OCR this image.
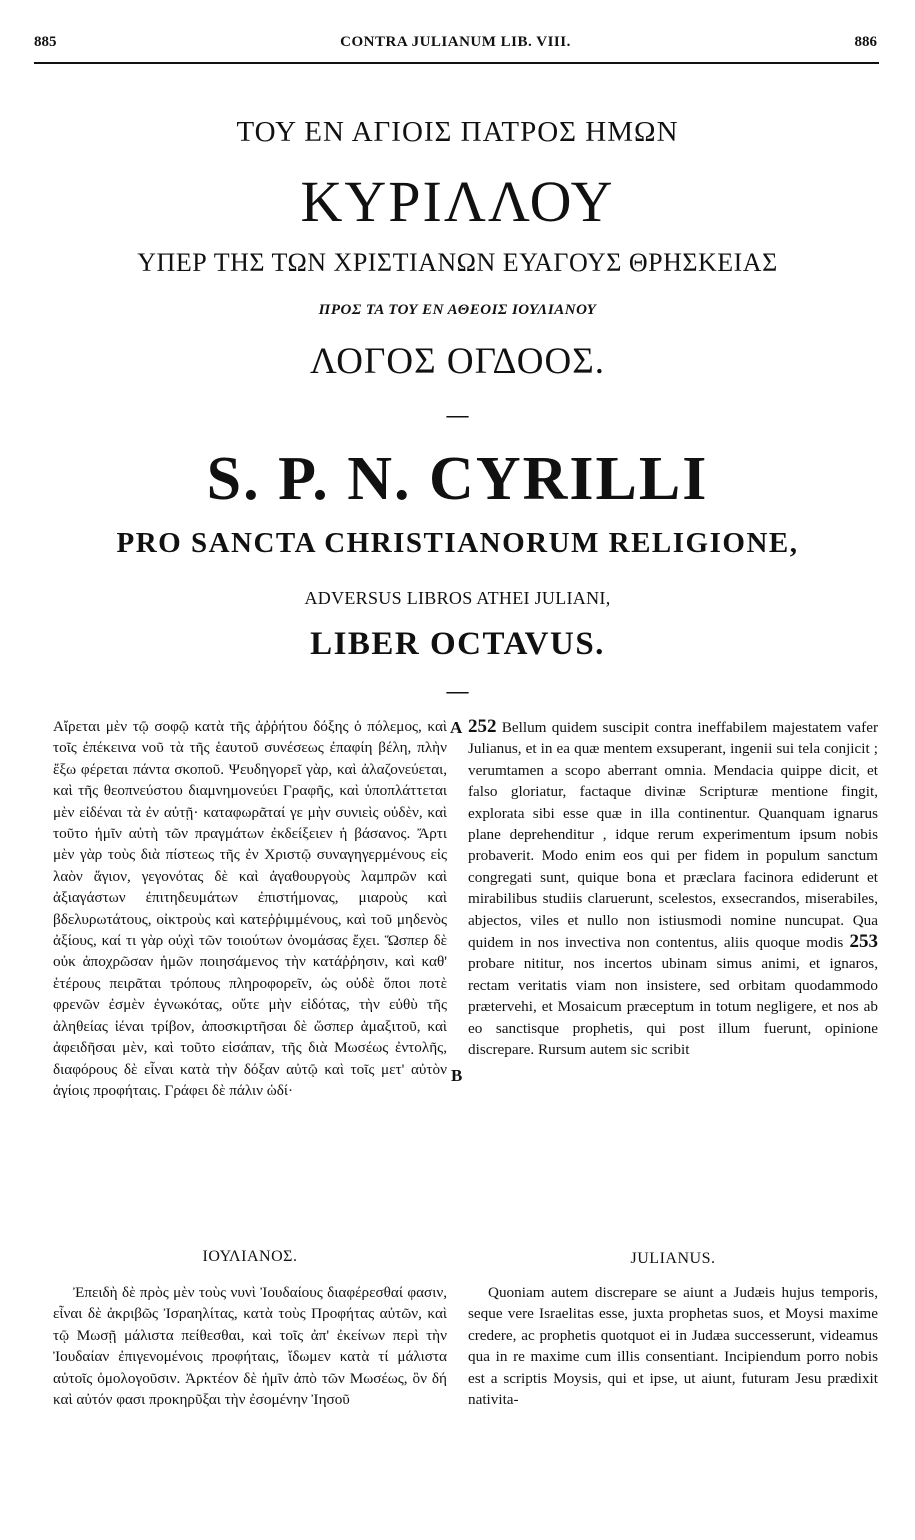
885	CONTRA JULIANUM LIB. VIII.	886
ΤΟΥ ΕΝ ΑΓΙΟΙΣ ΠΑΤΡΟΣ ΗΜΩΝ
ΚΥΡΙΛΛΟΥ
ΥΠΕΡ ΤΗΣ ΤΩΝ ΧΡΙΣΤΙΑΝΩΝ ΕΥΑΓΟΥΣ ΘΡΗΣΚΕΙΑΣ
ΠΡΟΣ ΤΑ ΤΟΥ ΕΝ ΑΘΕΟΙΣ ΙΟΥΛΙΑΝΟΥ
ΛΟΓΟΣ ΟΓΔΟΟΣ.
—
S. P. N. CYRILLI
PRO SANCTA CHRISTIANORUM RELIGIONE,
ADVERSUS LIBROS ATHEI JULIANI,
LIBER OCTAVUS.
—
A
B

Αἴρεται μὲν τῷ σοφῷ κατὰ τῆς ἀῤῥήτου δόξης ὁ πόλεμος, καὶ τοῖς ἐπέκεινα νοῦ τὰ τῆς ἑαυτοῦ συνέσεως ἐπαφίη βέλη, πλὴν ἔξω φέρεται πάντα σκοποῦ. Ψευδηγορεῖ γὰρ, καὶ ἀλαζονεύεται, καὶ τῆς θεοπνεύστου διαμνημονεύει Γραφῆς, καὶ ὑποπλάττεται μὲν εἰδέναι τὰ ἐν αὐτῇ· καταφωρᾶταί γε μὴν συνιεὶς οὐδὲν, καὶ τοῦτο ἡμῖν αὐτὴ τῶν πραγμάτων ἐκδείξειεν ἡ βάσανος. Ἄρτι μὲν γὰρ τοὺς διὰ πίστεως τῆς ἐν Χριστῷ συναγηγερμένους εἰς λαὸν ἅγιον, γεγονότας δὲ καὶ ἀγαθουργοὺς λαμπρῶν καὶ ἀξιαγάστων ἐπιτηδευμάτων ἐπιστήμονας, μιαροὺς καὶ βδελυρωτάτους, οἰκτροὺς καὶ κατεῤῥιμμένους, καὶ τοῦ μηδενὸς ἀξίους, καί τι γὰρ οὐχὶ τῶν τοιούτων ὀνομάσας ἔχει. Ὥσπερ δὲ οὐκ ἀποχρῶσαν ἡμῶν ποιησάμενος τὴν κατάῤῥησιν, καὶ καθ' ἑτέρους πειρᾶται τρόπους πληροφορεῖν, ὡς οὐδὲ ὅποι ποτὲ φρενῶν ἐσμὲν ἐγνωκότας, οὔτε μὴν εἰδότας, τὴν εὐθὺ τῆς ἀληθείας ἰέναι τρίβον, ἀποσκιρτῆσαι δὲ ὥσπερ ἁμαξιτοῦ, καὶ ἀφειδῆσαι μὲν, καὶ τοῦτο εἰσάπαν, τῆς διὰ Μωσέως ἐντολῆς, διαφόρους δὲ εἶναι κατὰ τὴν δόξαν αὐτῷ καὶ τοῖς μετ' αὐτὸν ἁγίοις προφήταις. Γράφει δὲ πάλιν ὡδί·

252 Bellum quidem suscipit contra ineffabilem majestatem vafer Julianus, et in ea quæ mentem exsuperant, ingenii sui tela conjicit ; verumtamen a scopo aberrant omnia. Mendacia quippe dicit, et falso gloriatur, factaque divinæ Scripturæ mentione fingit, explorata sibi esse quæ in illa continentur. Quanquam ignarus plane deprehenditur , idque rerum experimentum ipsum nobis probaverit. Modo enim eos qui per fidem in populum sanctum congregati sunt, quique bona et præclara facinora ediderunt et mirabilibus studiis claruerunt, scelestos, exsecrandos, miserabiles, abjectos, viles et nullo non istiusmodi nomine nuncupat. Qua quidem in nos invectiva non contentus, aliis quoque modis 253 probare nititur, nos incertos ubinam simus animi, et ignaros, rectam veritatis viam non insistere, sed orbitam quodammodo prætervehi, et Mosaicum præceptum in totum negligere, et nos ab eo sanctisque prophetis, qui post illum fuerunt, opinione discrepare. Rursum autem sic scribit

ΙΟΥΛΙΑΝΟΣ.	JULIANUS.

Ἐπειδὴ δὲ πρὸς μὲν τοὺς νυνὶ Ἰουδαίους διαφέρεσθαί φασιν, εἶναι δὲ ἀκριβῶς Ἰσραηλίτας, κατὰ τοὺς Προφήτας αὐτῶν, καὶ τῷ Μωσῇ μάλιστα πείθεσθαι, καὶ τοῖς ἀπ' ἐκείνων περὶ τὴν Ἰουδαίαν ἐπιγενομένοις προφήταις, ἴδωμεν κατὰ τί μάλιστα αὐτοῖς ὁμολογοῦσιν. Ἀρκτέον δὲ ἡμῖν ἀπὸ τῶν Μωσέως, ὃν δή καὶ αὐτόν φασι προκηρῦξαι τὴν ἐσομένην Ἰησοῦ

Quoniam autem discrepare se aiunt a Judæis hujus temporis, seque vere Israelitas esse, juxta prophetas suos, et Moysi maxime credere, ac prophetis quotquot ei in Judæa successerunt, videamus qua in re maxime cum illis consentiant. Incipiendum porro nobis est a scriptis Moysis, qui et ipse, ut aiunt, futuram Jesu prædixit nativita-
